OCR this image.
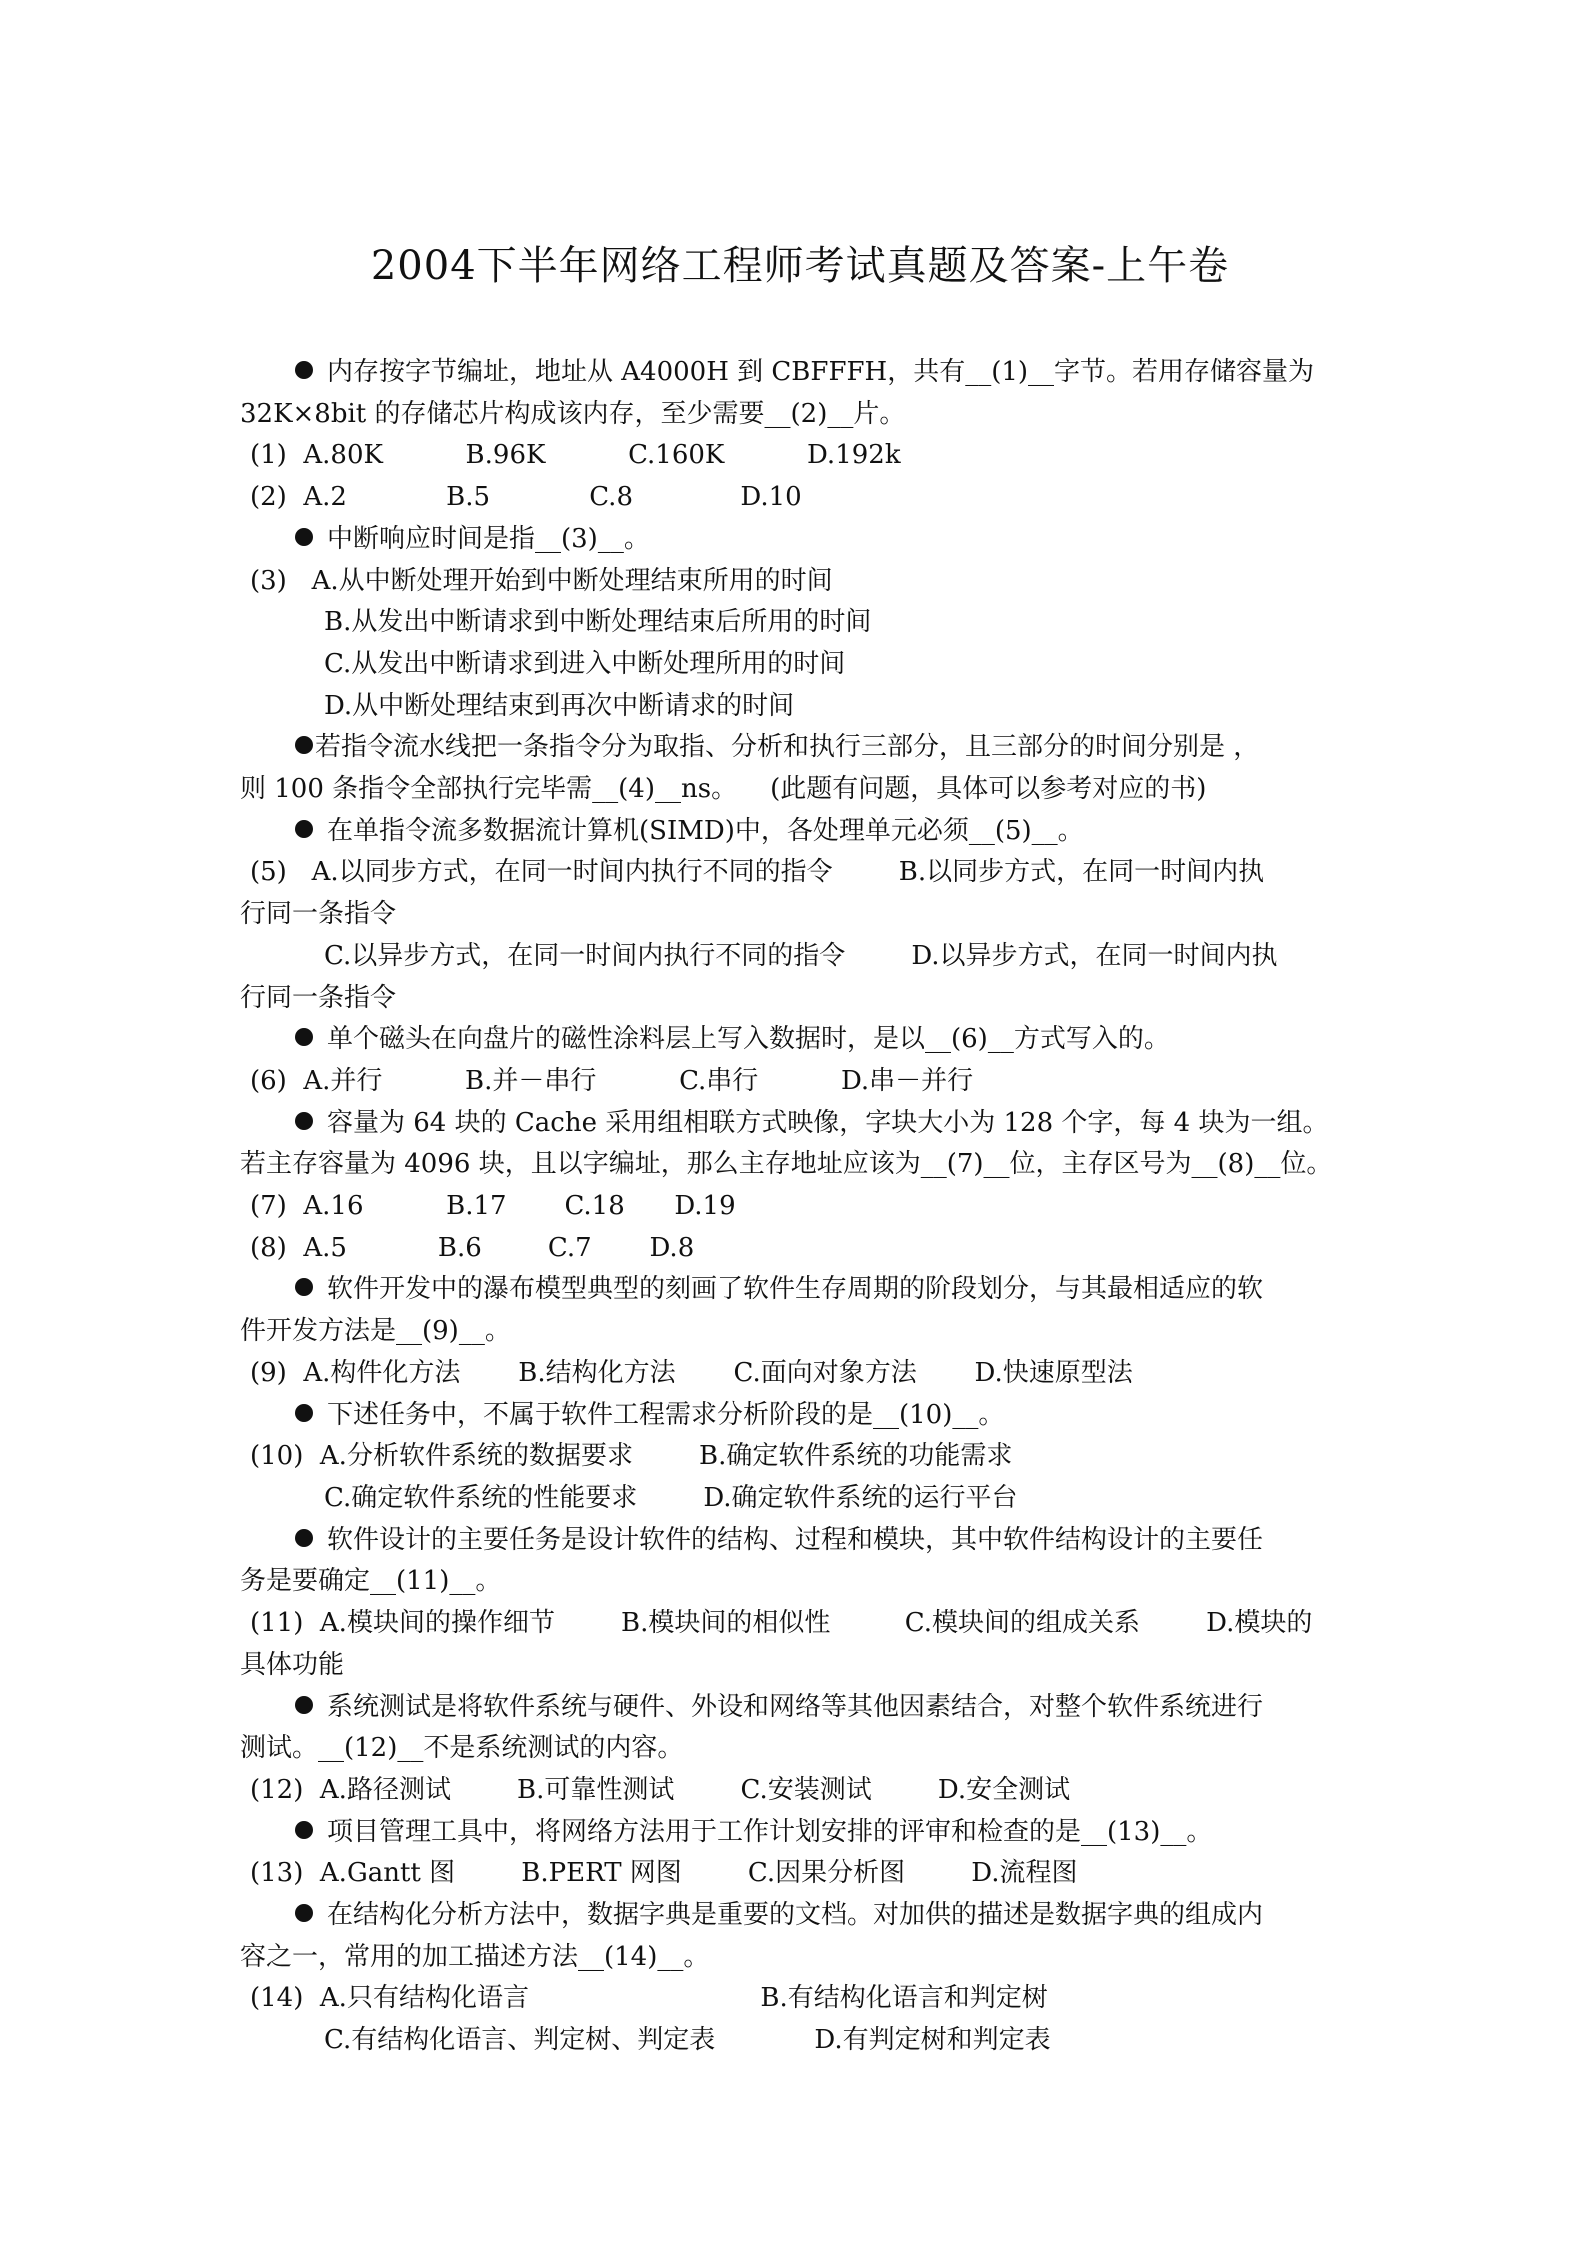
2004下半年网络工程师考试真题及答案-上午卷
内存按字节编址，地址从 A4000H 到 CBFFFH，共有__(1)__字节。若用存储容量为
32K×8bit 的存储芯片构成该内存，至少需要__(2)__片。
(1)  A.80K          B.96K          C.160K          D.192k
(2)  A.2            B.5            C.8             D.10
中断响应时间是指__(3)__。
(3)   A.从中断处理开始到中断处理结束所用的时间
B.从发出中断请求到中断处理结束后所用的时间
C.从发出中断请求到进入中断处理所用的时间
D.从中断处理结束到再次中断请求的时间
若指令流水线把一条指令分为取指、分析和执行三部分，且三部分的时间分别是 ，
则 100 条指令全部执行完毕需__(4)__ns。    (此题有问题，具体可以参考对应的书)
在单指令流多数据流计算机(SIMD)中，各处理单元必须__(5)__。
(5)   A.以同步方式，在同一时间内执行不同的指令        B.以同步方式，在同一时间内执
行同一条指令
C.以异步方式，在同一时间内执行不同的指令        D.以异步方式，在同一时间内执
行同一条指令
单个磁头在向盘片的磁性涂料层上写入数据时，是以__(6)__方式写入的。
(6)  A.并行          B.并－串行          C.串行          D.串－并行
容量为 64 块的 Cache 采用组相联方式映像，字块大小为 128 个字，每 4 块为一组。
若主存容量为 4096 块，且以字编址，那么主存地址应该为__(7)__位，主存区号为__(8)__位。
(7)  A.16          B.17       C.18      D.19
(8)  A.5           B.6        C.7       D.8
软件开发中的瀑布模型典型的刻画了软件生存周期的阶段划分，与其最相适应的软
件开发方法是__(9)__。
(9)  A.构件化方法       B.结构化方法       C.面向对象方法       D.快速原型法
下述任务中，不属于软件工程需求分析阶段的是__(10)__。
(10)  A.分析软件系统的数据要求        B.确定软件系统的功能需求
C.确定软件系统的性能要求        D.确定软件系统的运行平台
软件设计的主要任务是设计软件的结构、过程和模块，其中软件结构设计的主要任
务是要确定__(11)__。
(11)  A.模块间的操作细节        B.模块间的相似性         C.模块间的组成关系        D.模块的
具体功能
系统测试是将软件系统与硬件、外设和网络等其他因素结合，对整个软件系统进行
测试。__(12)__不是系统测试的内容。
(12)  A.路径测试        B.可靠性测试        C.安装测试        D.安全测试
项目管理工具中，将网络方法用于工作计划安排的评审和检查的是__(13)__。
(13)  A.Gantt 图        B.PERT 网图        C.因果分析图        D.流程图
在结构化分析方法中，数据字典是重要的文档。对加供的描述是数据字典的组成内
容之一，常用的加工描述方法__(14)__。
(14)  A.只有结构化语言                            B.有结构化语言和判定树
C.有结构化语言、判定树、判定表            D.有判定树和判定表
